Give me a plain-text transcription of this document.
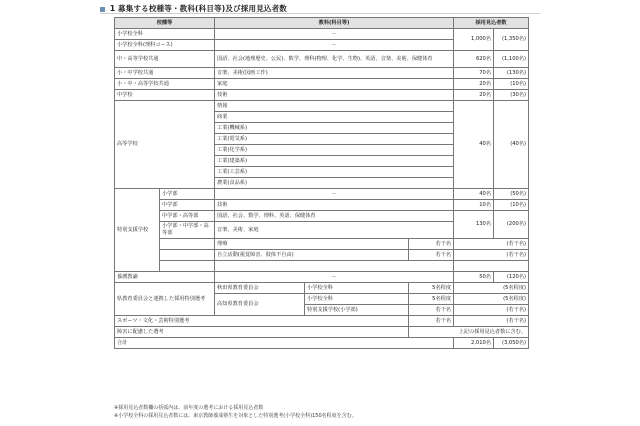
1 募集する校種等・教科(科目等)及び採用見込者数
校種等		教科(科目等)			採用見込者数	
小学校全科		－			1,000名	(1,350名)
小学校全科(理科コース)		－				
中・高等学校共通		国語、社会(地理歴史、公民)、数学、理科(物理、化学、生物)、英語、音楽、美術、保健体育			620名	(1,100名)
小・中学校共通		音楽、美術(図画工作)			70名	(130名)
小・中・高等学校共通		家庭			20名	(10名)
中学校		技術			20名	(30名)
高等学校		情報			40名	(40名)
		商業				
		工業(機械系)				
		工業(電気系)				
		工業(化学系)				
		工業(建築系)				
		工業(工芸系)				
		農業(食品系)				
特別支援学校	小学部	－			40名	(50名)
	中学部	技術			10名	(10名)
	中学部・高等部	国語、社会、数学、理科、英語、保健体育			130名	(200名)
	小学部・中学部・高等部	音楽、美術、家庭				
		理療		若干名	(若干名)	
		自立活動(視覚障害、肢体不自由)		若干名	(若干名)	

養護教諭		－			50名	(120名)
県教育委員会と連携した採用特別選考		秋田県教育委員会	小学校全科	5名程度	(5名程度)	
		高知県教育委員会	小学校全科	5名程度	(5名程度)	
			特別支援学校(小学部)	若干名	(若干名)	
スポーツ・文化・芸術特別選考				若干名	(若干名)	
障害に配慮した選考				上記の採用見込者数に含む。		
合計					2,010名	(3,050名)
※採用見込者数欄の括弧内は、前年度の選考における採用見込者数
※小学校全科の採用見込者数には、東京教師養成塾生を対象とした特別選考(小学校全科)150名程度を含む。
